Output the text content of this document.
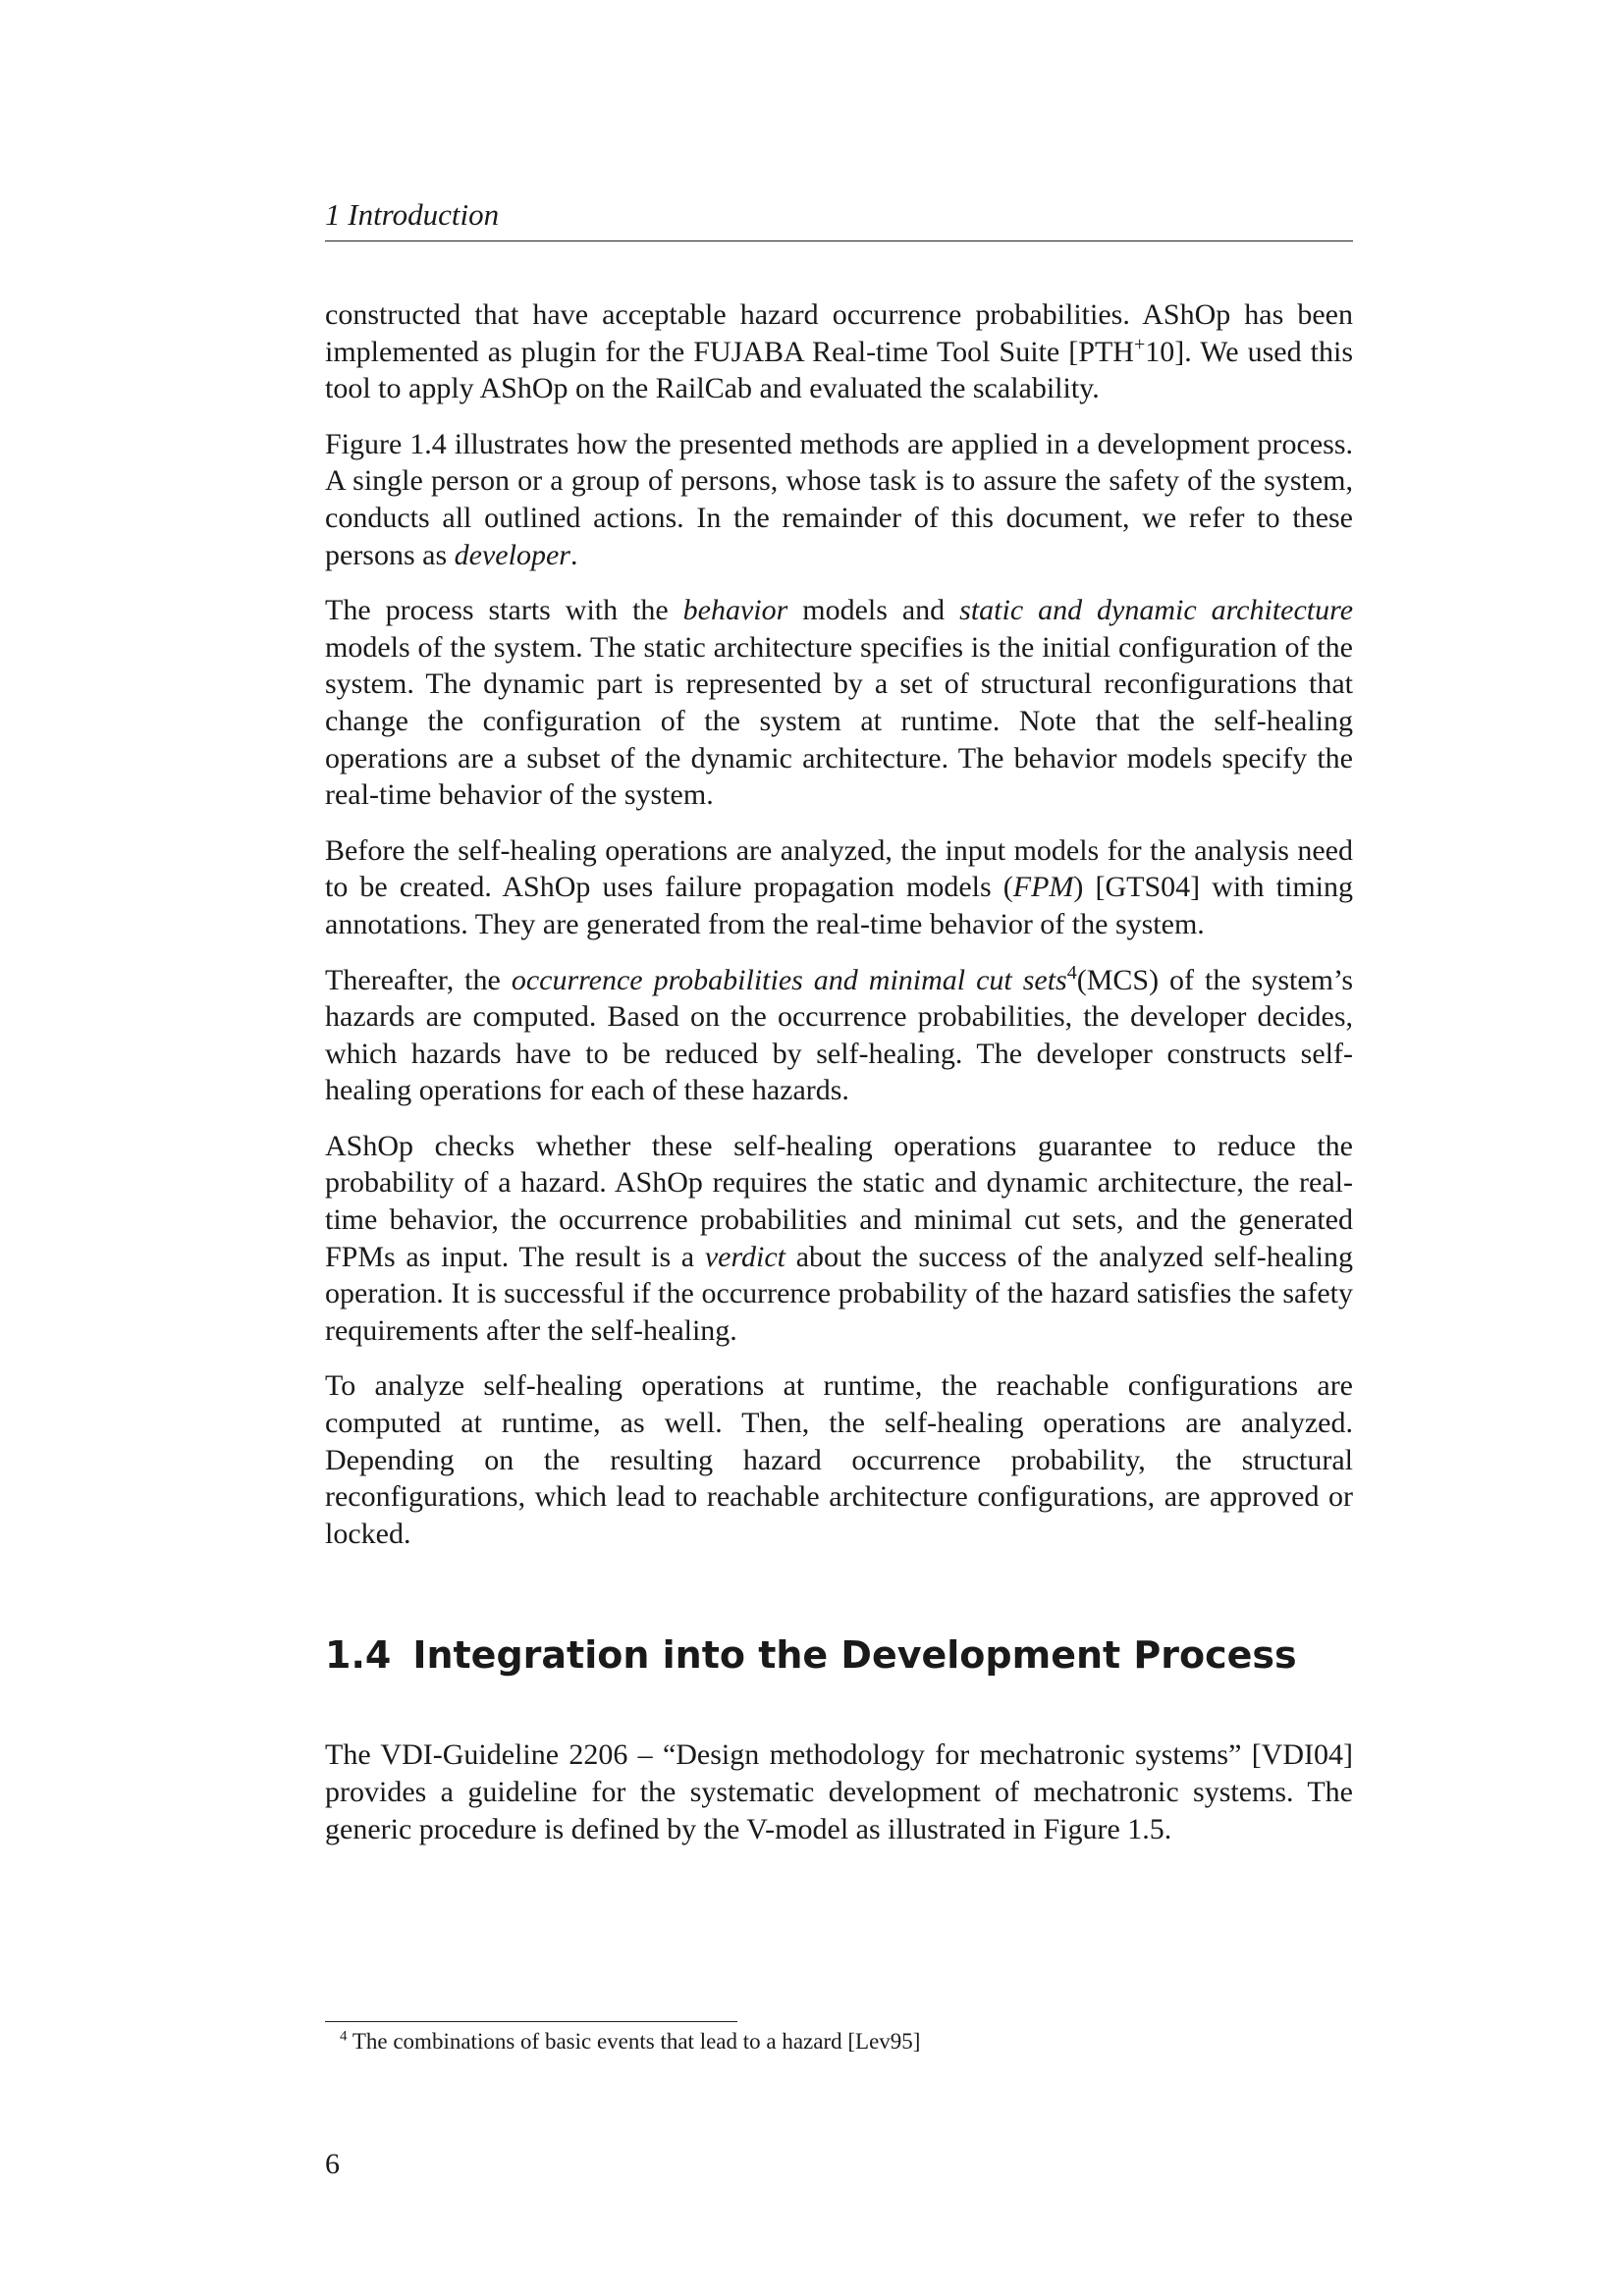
1 Introduction

constructed that have acceptable hazard occurrence probabilities. AShOp has been implemented as plugin for the FUJABA Real-time Tool Suite [PTH+10]. We used this tool to apply AShOp on the RailCab and evaluated the scalability.

Figure 1.4 illustrates how the presented methods are applied in a development process. A single person or a group of persons, whose task is to assure the safety of the system, conducts all outlined actions. In the remainder of this document, we refer to these persons as developer.

The process starts with the behavior models and static and dynamic architecture models of the system. The static architecture specifies is the initial configuration of the system. The dynamic part is represented by a set of structural reconfigurations that change the configuration of the system at runtime. Note that the self-healing operations are a subset of the dynamic architecture. The behavior models specify the real-time behavior of the system.

Before the self-healing operations are analyzed, the input models for the analysis need to be created. AShOp uses failure propagation models (FPM) [GTS04] with timing annotations. They are generated from the real-time behavior of the system.

Thereafter, the occurrence probabilities and minimal cut sets$^4$(MCS) of the system’s hazards are computed. Based on the occurrence probabilities, the developer decides, which hazards have to be reduced by self-healing. The developer constructs self-healing operations for each of these hazards.

AShOp checks whether these self-healing operations guarantee to reduce the probability of a hazard. AShOp requires the static and dynamic architecture, the real-time behavior, the occurrence probabilities and minimal cut sets, and the generated FPMs as input. The result is a verdict about the success of the analyzed self-healing operation. It is successful if the occurrence probability of the hazard satisfies the safety requirements after the self-healing.

To analyze self-healing operations at runtime, the reachable configurations are computed at runtime, as well. Then, the self-healing operations are analyzed. Depending on the resulting hazard occurrence probability, the structural reconfigurations, which lead to reachable architecture configurations, are approved or locked.

1.4 Integration into the Development Process

The VDI-Guideline 2206 – “Design methodology for mechatronic systems” [VDI04] provides a guideline for the systematic development of mechatronic systems. The generic procedure is defined by the V-model as illustrated in Figure 1.5.

$^4$ The combinations of basic events that lead to a hazard [Lev95]
6
